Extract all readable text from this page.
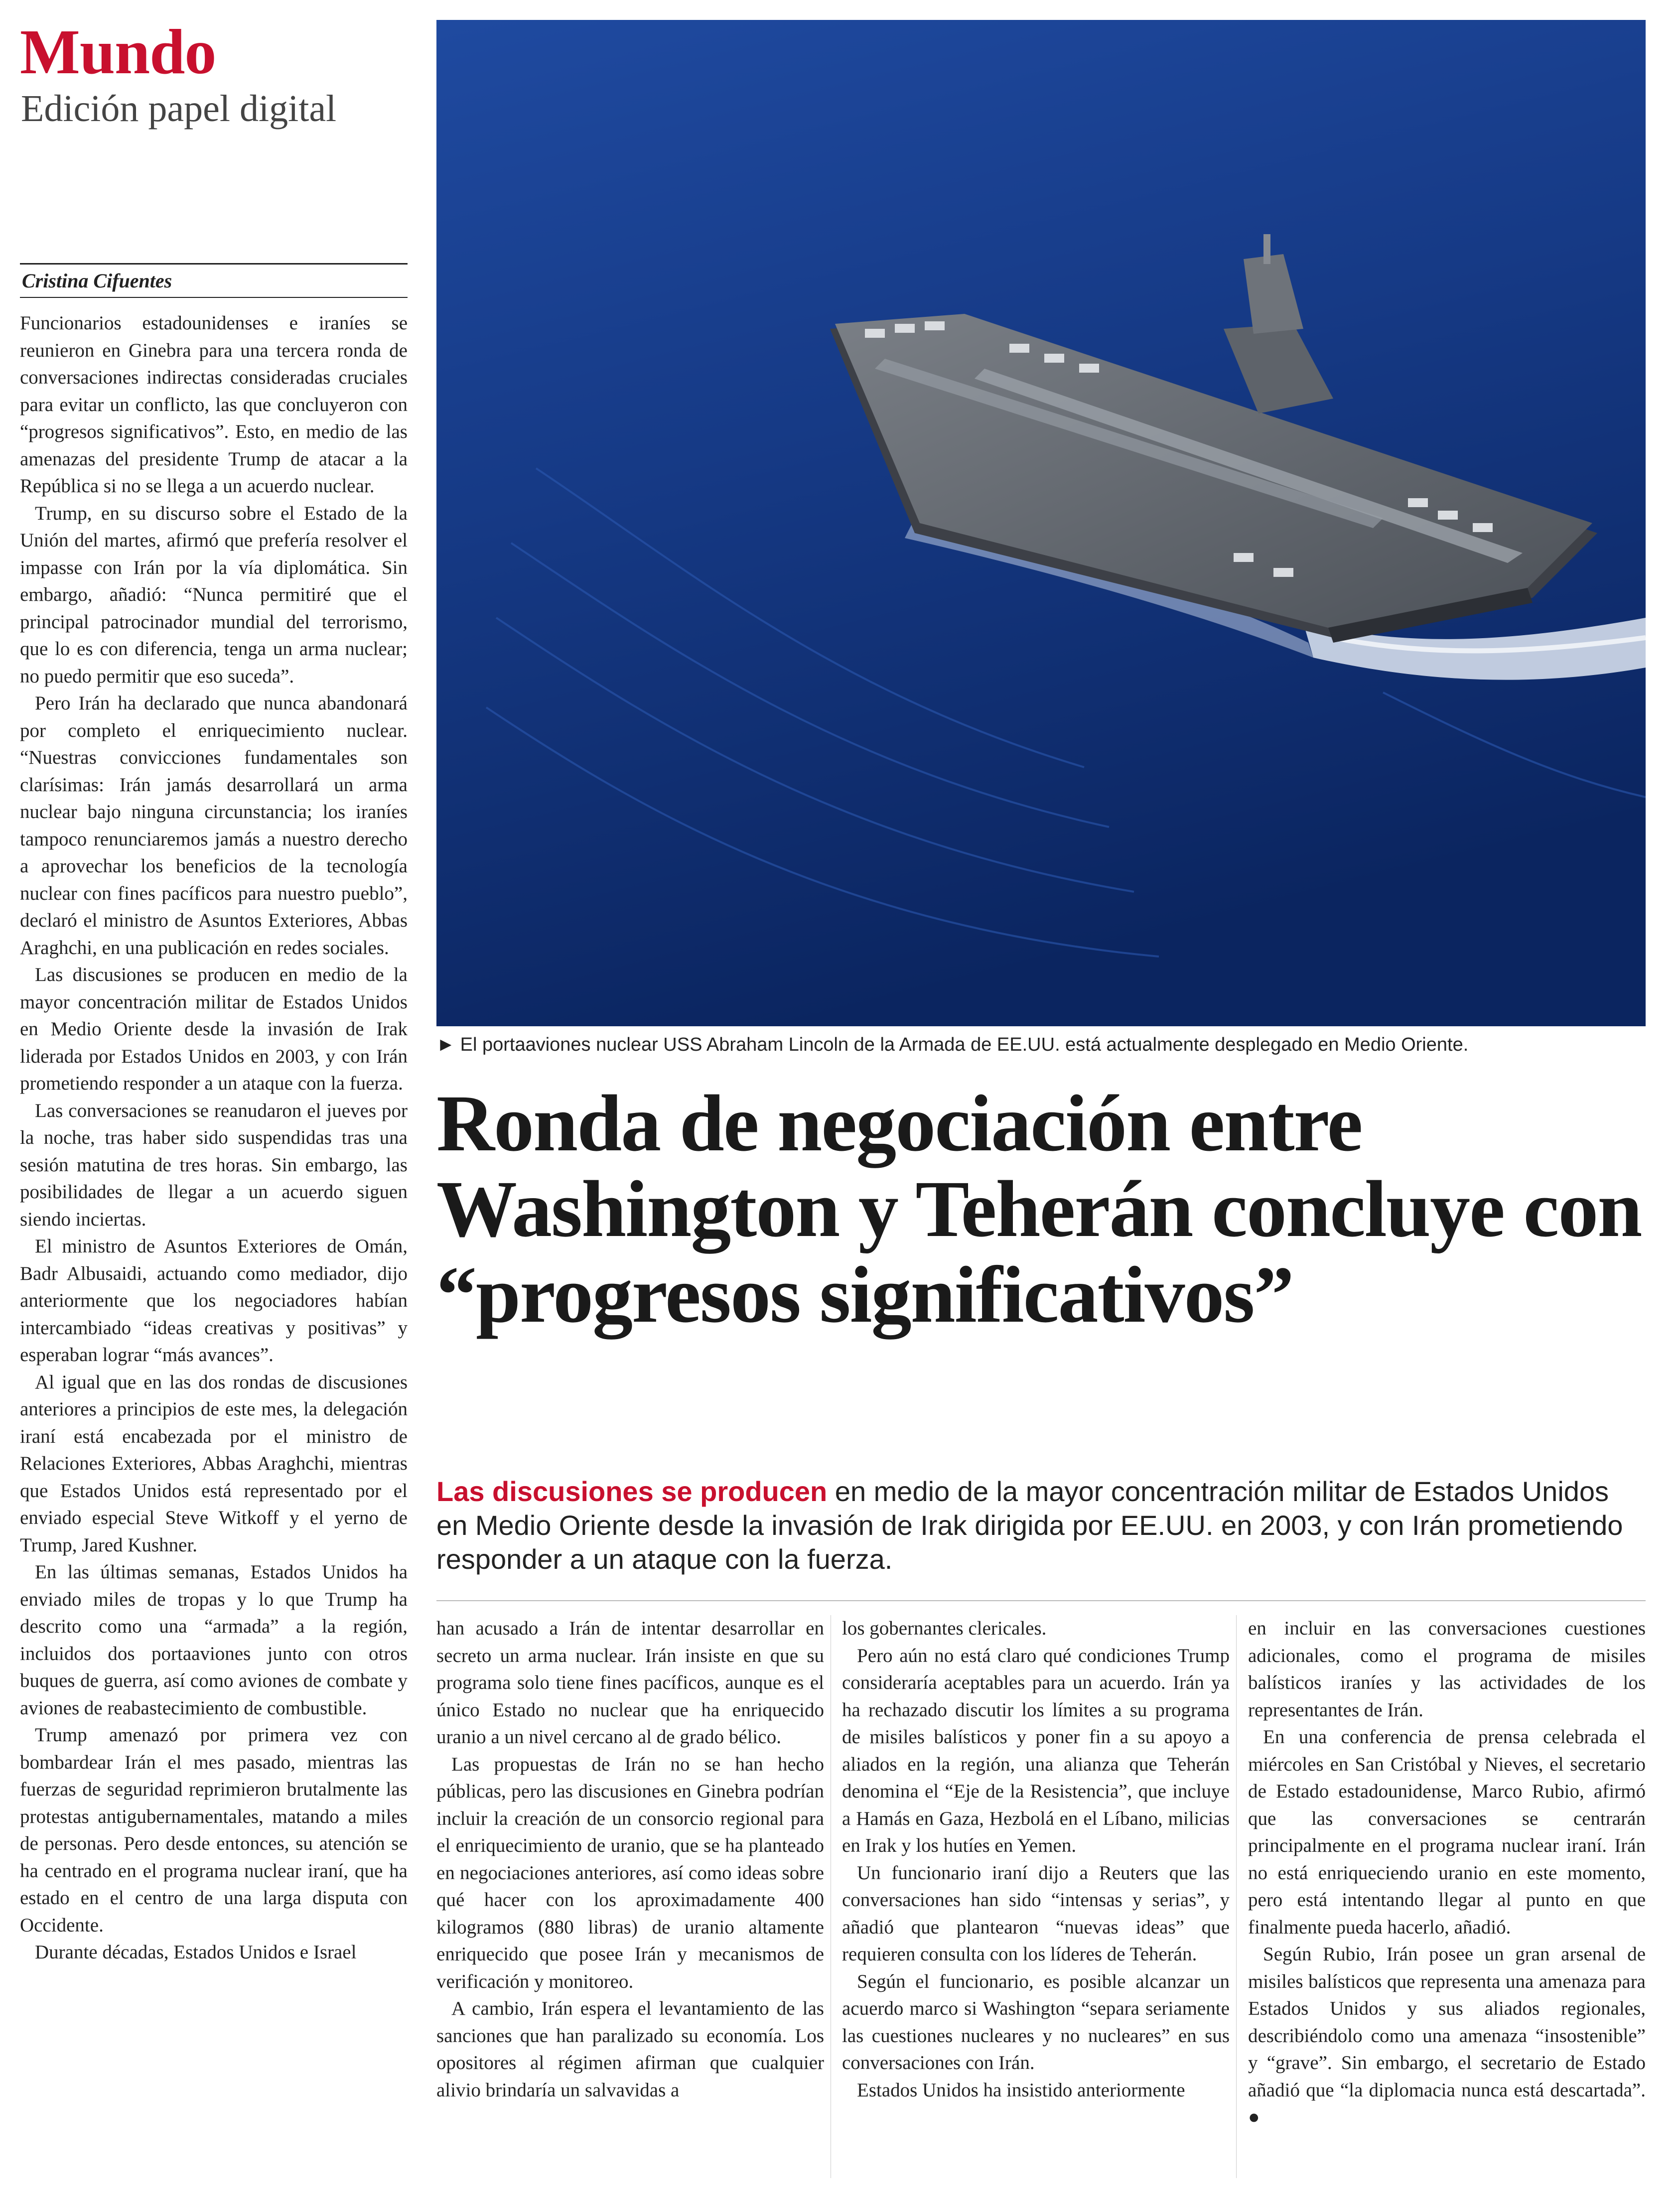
Mundo
Edición papel digital
Cristina Cifuentes

Funcionarios estadounidenses e iraníes se reunieron en Ginebra para una tercera ronda de conversaciones indirectas consideradas cruciales para evitar un conflicto, las que concluyeron con “progresos significativos”. Esto, en medio de las amenazas del presidente Trump de atacar a la República si no se llega a un acuerdo nuclear.

Trump, en su discurso sobre el Estado de la Unión del martes, afirmó que prefería resolver el impasse con Irán por la vía diplomática. Sin embargo, añadió: “Nunca permitiré que el principal patrocinador mundial del terrorismo, que lo es con diferencia, tenga un arma nuclear; no puedo permitir que eso suceda”.

Pero Irán ha declarado que nunca abandonará por completo el enriquecimiento nuclear. “Nuestras convicciones fundamentales son clarísimas: Irán jamás desarrollará un arma nuclear bajo ninguna circunstancia; los iraníes tampoco renunciaremos jamás a nuestro derecho a aprovechar los beneficios de la tecnología nuclear con fines pacíficos para nuestro pueblo”, declaró el ministro de Asuntos Exteriores, Abbas Araghchi, en una publicación en redes sociales.

Las discusiones se producen en medio de la mayor concentración militar de Estados Unidos en Medio Oriente desde la invasión de Irak liderada por Estados Unidos en 2003, y con Irán prometiendo responder a un ataque con la fuerza.

Las conversaciones se reanudaron el jueves por la noche, tras haber sido suspendidas tras una sesión matutina de tres horas. Sin embargo, las posibilidades de llegar a un acuerdo siguen siendo inciertas.

El ministro de Asuntos Exteriores de Omán, Badr Albusaidi, actuando como mediador, dijo anteriormente que los negociadores habían intercambiado “ideas creativas y positivas” y esperaban lograr “más avances”.

Al igual que en las dos rondas de discusiones anteriores a principios de este mes, la delegación iraní está encabezada por el ministro de Relaciones Exteriores, Abbas Araghchi, mientras que Estados Unidos está representado por el enviado especial Steve Witkoff y el yerno de Trump, Jared Kushner.

En las últimas semanas, Estados Unidos ha enviado miles de tropas y lo que Trump ha descrito como una “armada” a la región, incluidos dos portaaviones junto con otros buques de guerra, así como aviones de combate y aviones de reabastecimiento de combustible.

Trump amenazó por primera vez con bombardear Irán el mes pasado, mientras las fuerzas de seguridad reprimieron brutalmente las protestas antigubernamentales, matando a miles de personas. Pero desde entonces, su atención se ha centrado en el programa nuclear iraní, que ha estado en el centro de una larga disputa con Occidente.

Durante décadas, Estados Unidos e Israel

► El portaaviones nuclear USS Abraham Lincoln de la Armada de EE.UU. está actualmente desplegado en Medio Oriente.
Ronda de negociación entre Washington y Teherán concluye con “progresos significativos”
Las discusiones se producen en medio de la mayor concentración militar de Estados Unidos en Medio Oriente desde la invasión de Irak dirigida por EE.UU. en 2003, y con Irán prometiendo responder a un ataque con la fuerza.

han acusado a Irán de intentar desarrollar en secreto un arma nuclear. Irán insiste en que su programa solo tiene fines pacíficos, aunque es el único Estado no nuclear que ha enriquecido uranio a un nivel cercano al de grado bélico.

Las propuestas de Irán no se han hecho públicas, pero las discusiones en Ginebra podrían incluir la creación de un consorcio regional para el enriquecimiento de uranio, que se ha planteado en negociaciones anteriores, así como ideas sobre qué hacer con los aproximadamente 400 kilogramos (880 libras) de uranio altamente enriquecido que posee Irán y mecanismos de verificación y monitoreo.

A cambio, Irán espera el levantamiento de las sanciones que han paralizado su economía. Los opositores al régimen afirman que cualquier alivio brindaría un salvavidas a

los gobernantes clericales.

Pero aún no está claro qué condiciones Trump consideraría aceptables para un acuerdo. Irán ya ha rechazado discutir los límites a su programa de misiles balísticos y poner fin a su apoyo a aliados en la región, una alianza que Teherán denomina el “Eje de la Resistencia”, que incluye a Hamás en Gaza, Hezbolá en el Líbano, milicias en Irak y los hutíes en Yemen.

Un funcionario iraní dijo a Reuters que las conversaciones han sido “intensas y serias”, y añadió que plantearon “nuevas ideas” que requieren consulta con los líderes de Teherán.

Según el funcionario, es posible alcanzar un acuerdo marco si Washington “separa seriamente las cuestiones nucleares y no nucleares” en sus conversaciones con Irán.

Estados Unidos ha insistido anteriormente

en incluir en las conversaciones cuestiones adicionales, como el programa de misiles balísticos iraníes y las actividades de los representantes de Irán.

En una conferencia de prensa celebrada el miércoles en San Cristóbal y Nieves, el secretario de Estado estadounidense, Marco Rubio, afirmó que las conversaciones se centrarán principalmente en el programa nuclear iraní. Irán no está enriqueciendo uranio en este momento, pero está intentando llegar al punto en que finalmente pueda hacerlo, añadió.

Según Rubio, Irán posee un gran arsenal de misiles balísticos que representa una amenaza para Estados Unidos y sus aliados regionales, describiéndolo como una amenaza “insostenible” y “grave”. Sin embargo, el secretario de Estado añadió que “la diplomacia nunca está descartada”. ●
